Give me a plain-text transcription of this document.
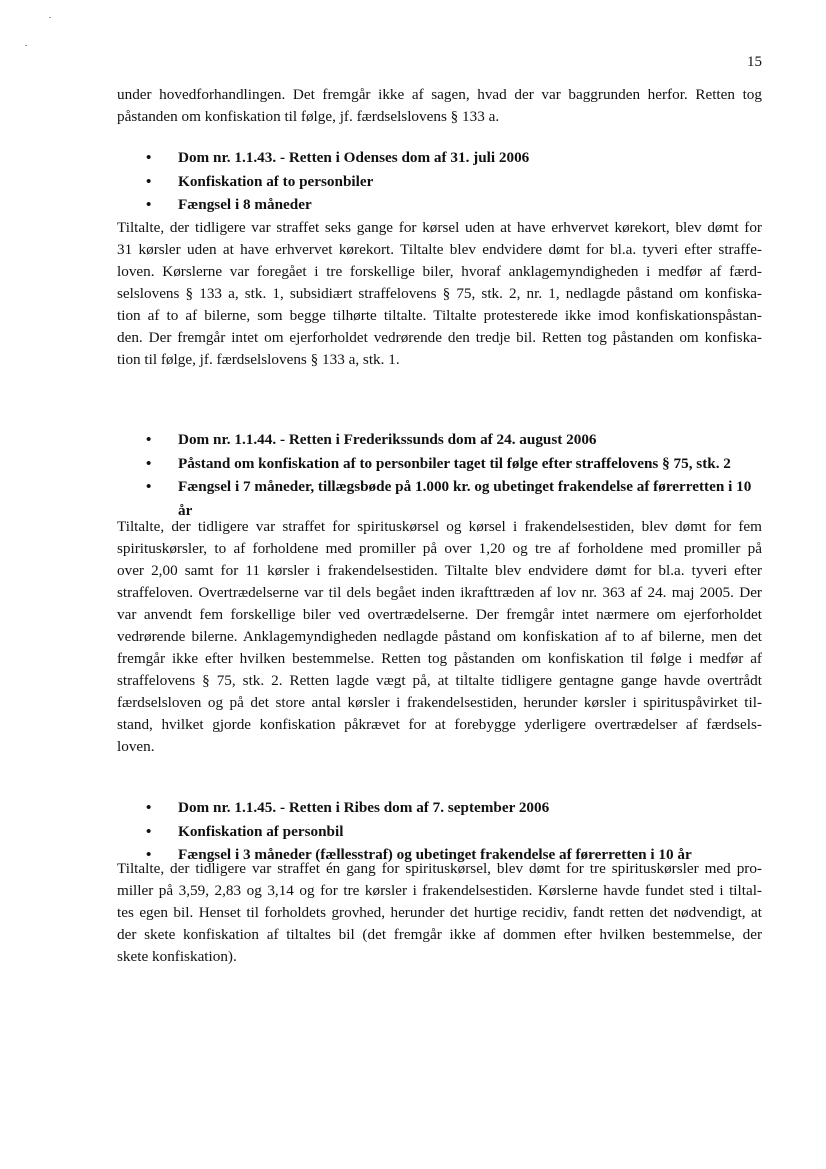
15
under hovedforhandlingen. Det fremgår ikke af sagen, hvad der var baggrunden herfor. Retten tog
påstanden om konfiskation til følge, jf. færdselslovens § 133 a.
• Dom nr. 1.1.43. - Retten i Odenses dom af 31. juli 2006
• Konfiskation af to personbiler
• Fængsel i 8 måneder
Tiltalte, der tidligere var straffet seks gange for kørsel uden at have erhvervet kørekort, blev dømt for
31 kørsler uden at have erhvervet kørekort. Tiltalte blev endvidere dømt for bl.a. tyveri efter straffe-
loven. Kørslerne var foregået i tre forskellige biler, hvoraf anklagemyndigheden i medfør af færd-
selslovens § 133 a, stk. 1, subsidiært straffelovens § 75, stk. 2, nr. 1, nedlagde påstand om konfiska-
tion af to af bilerne, som begge tilhørte tiltalte. Tiltalte protesterede ikke imod konfiskationspåstan-
den. Der fremgår intet om ejerforholdet vedrørende den tredje bil. Retten tog påstanden om konfiska-
tion til følge, jf. færdselslovens § 133 a, stk. 1.
• Dom nr. 1.1.44. - Retten i Frederikssunds dom af 24. august 2006
• Påstand om konfiskation af to personbiler taget til følge efter straffelovens § 75, stk. 2
• Fængsel i 7 måneder, tillægsbøde på 1.000 kr. og ubetinget frakendelse af førerretten i 10 år
Tiltalte, der tidligere var straffet for spirituskørsel og kørsel i frakendelsestiden, blev dømt for fem
spirituskørsler, to af forholdene med promiller på over 1,20 og tre af forholdene med promiller på
over 2,00 samt for 11 kørsler i frakendelsestiden. Tiltalte blev endvidere dømt for bl.a. tyveri efter
straffeloven. Overtrædelserne var til dels begået inden ikrafttræden af lov nr. 363 af 24. maj 2005. Der
var anvendt fem forskellige biler ved overtrædelserne. Der fremgår intet nærmere om ejerforholdet
vedrørende bilerne. Anklagemyndigheden nedlagde påstand om konfiskation af to af bilerne, men det
fremgår ikke efter hvilken bestemmelse. Retten tog påstanden om konfiskation til følge i medfør af
straffelovens § 75, stk. 2. Retten lagde vægt på, at tiltalte tidligere gentagne gange havde overtrådt
færdselsloven og på det store antal kørsler i frakendelsestiden, herunder kørsler i spirituspåvirket til-
stand, hvilket gjorde konfiskation påkrævet for at forebygge yderligere overtrædelser af færdsels-
loven.
• Dom nr. 1.1.45. - Retten i Ribes dom af 7. september 2006
• Konfiskation af personbil
• Fængsel i 3 måneder (fællesstraf) og ubetinget frakendelse af førerretten i 10 år
Tiltalte, der tidligere var straffet én gang for spirituskørsel, blev dømt for tre spirituskørsler med pro-
miller på 3,59, 2,83 og 3,14 og for tre kørsler i frakendelsestiden. Kørslerne havde fundet sted i tiltal-
tes egen bil. Henset til forholdets grovhed, herunder det hurtige recidiv, fandt retten det nødvendigt, at
der skete konfiskation af tiltaltes bil (det fremgår ikke af dommen efter hvilken bestemmelse, der
skete konfiskation).
